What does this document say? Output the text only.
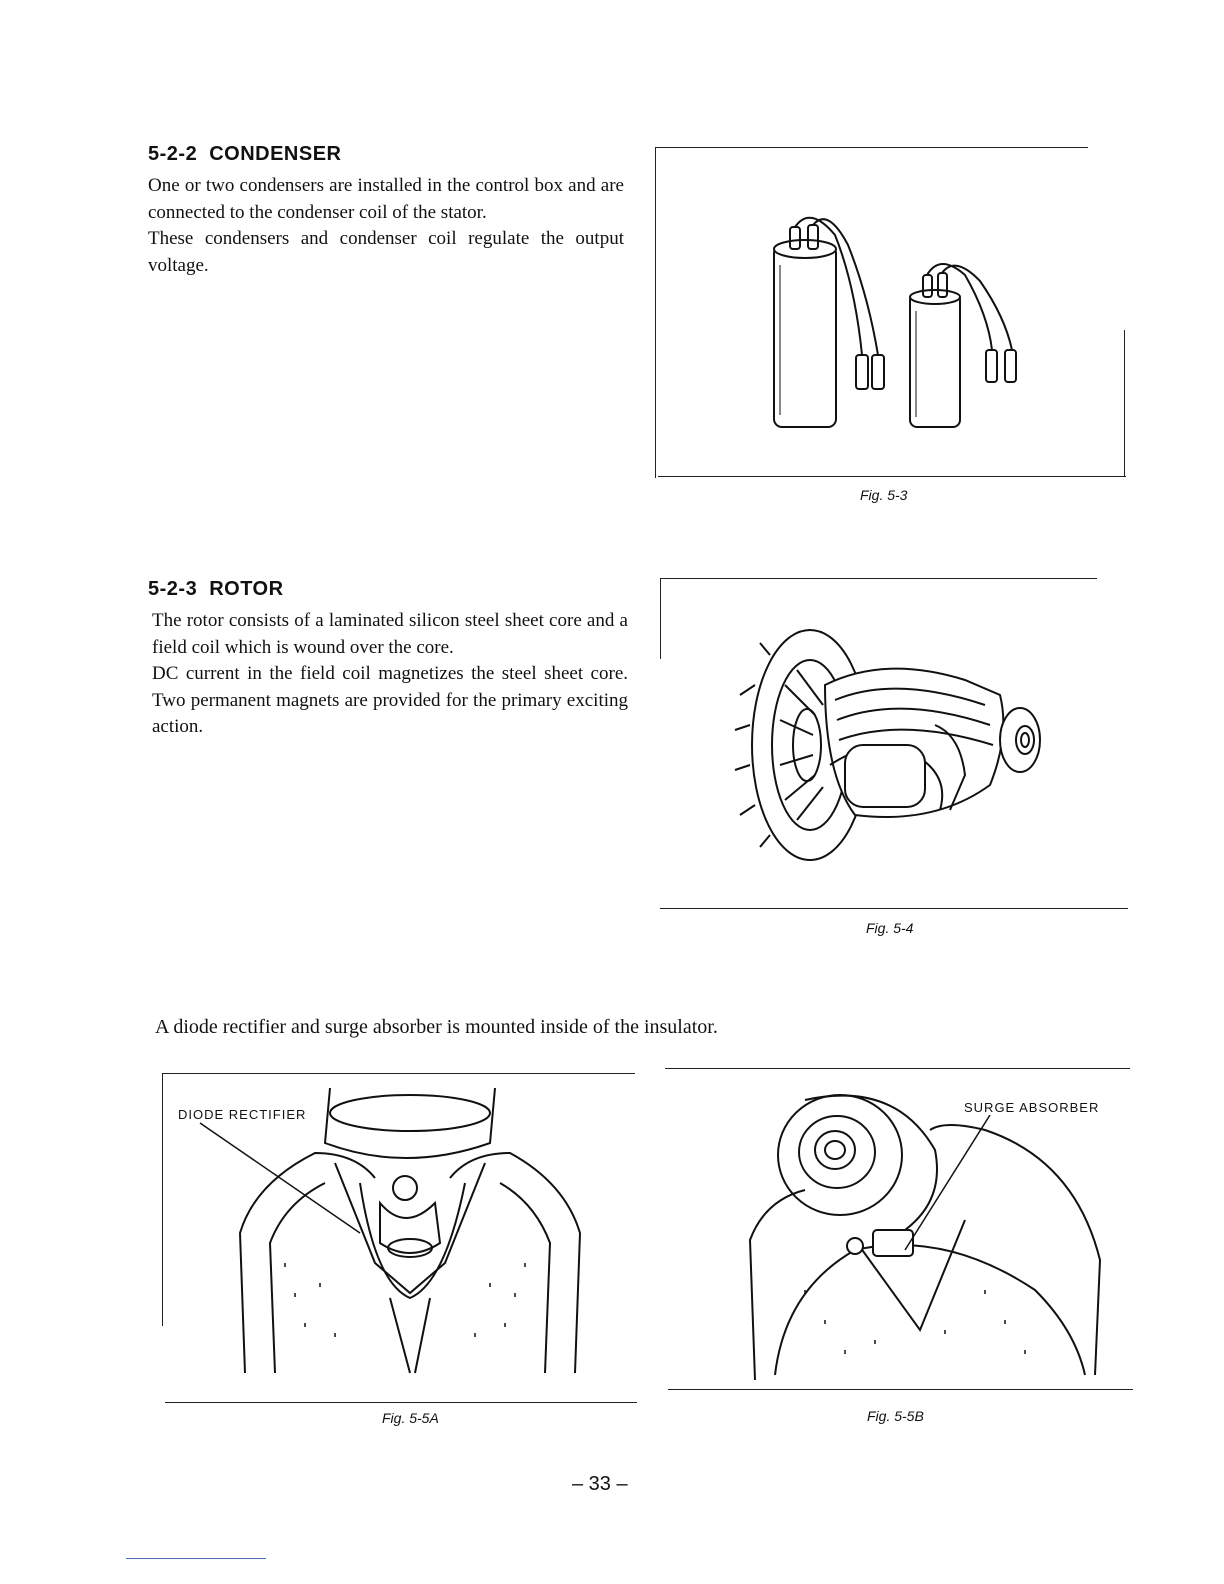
5-2-2 CONDENSER

One or two condensers are installed in the control box and are connected to the condenser coil of the stator.

These condensers and condenser coil regulate the output voltage.

Fig. 5-3
5-2-3 ROTOR

The rotor consists of a laminated silicon steel sheet core and a field coil which is wound over the core.

DC current in the field coil magnetizes the steel sheet core. Two permanent magnets are provided for the primary exciting action.

Fig. 5-4
A diode rectifier and surge absorber is mounted inside of the insulator.
DIODE RECTIFIER
Fig. 5-5A
SURGE ABSORBER
Fig. 5-5B
– 33 –
